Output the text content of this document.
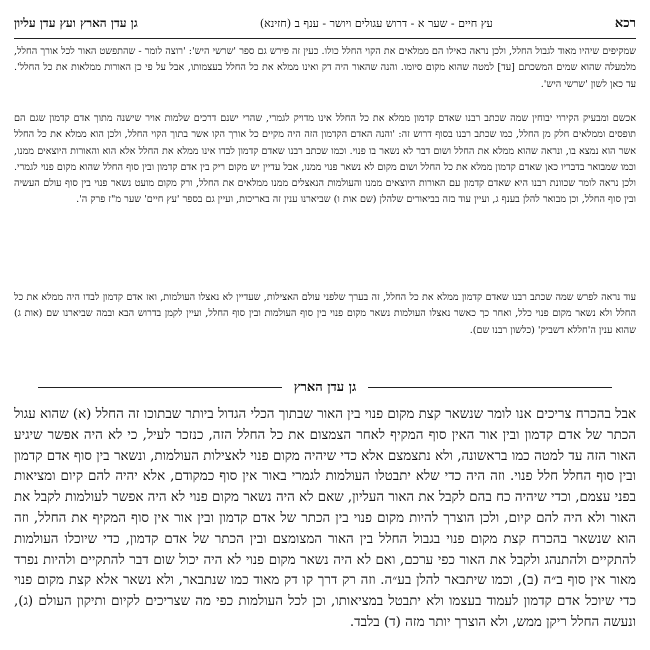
רכא
עץ חיים - שער א - דרוש עגולים ויושר - ענף ב (חזינא)
גן עדן הארץ ועץ עדן עליון

שמקיפים שיהיו מאוד לגבול החלל, ולכן נראה כאילו הם ממלאים את הקוי החלל כולו. כעין זה פירש גם ספר 'שרשי היש': 'רוצה לומר - שהתפשט האור לכל אורך החלל, מלמעלה שהוא שמים המשכתם [עד] למטה שהוא מקום סיומו. והנה שהאור היה דק ואינו ממלא את כל החלל בעצמותו, אבל על פי כן האורות ממלאות את כל החלל'. עד כאן לשון 'שרשי היש'.

אכשם ומבעיק הקירוי יבוחין שמה שכתב רבנו שאדם קדמון ממלא את כל החלל אינו מדויק לגמרי, שהרי ישנם דרכים שלמות אויר שישנה מתוך אדם קדמון שגם הם תופסים וממלאים חלק מן החלל, כמו שכתב רבנו בסוף דרוש זה: 'והנה האדם הקדמון הזה היה מקיים כל אורך הקו אשר בתוך הקוי החלל, ולכן הוא ממלא את כל החלל אשר הוא נמצא בו, ונראה שהוא ממלא את החלל ושום דבר לא נשאר בו פנוי. וכמו שכתב רבנו שאדם קדמון לבדו אינו ממלא את החלל אלא הוא והאורות היוצאים ממנו, וכמו שמבואר בדבריו כאן שאדם קדמון ממלא את כל החלל ושום מקום לא נשאר פנוי ממנו, אבל עדיין יש מקום ריק בין אדם קדמון ובין סוף החלל שהוא מקום פנוי לגמרי. ולכן נראה לומר שכוונת רבנו היא שאדם קדמון עם האורות היוצאים ממנו והעולמות הנאצלים ממנו ממלאים את החלל, ורק מקום מועט נשאר פנוי בין סוף עולם העשיה ובין סוף החלל, וכן מבואר להלן בענף ג, ועיין עוד בזה בביאורים שלהלן (שם אות ו) שביארנו ענין זה באריכות, ועיין גם בספר 'עץ חיים' שער מ"ז פרק ה'.

עוד נראה לפרש שמה שכתב רבנו שאדם קדמון ממלא את כל החלל, זה בערך שלפני עולם האצילות, שעדיין לא נאצלו העולמות, ואז אדם קדמון לבדו היה ממלא את כל החלל ולא נשאר מקום פנוי כלל, ואחר כך כאשר נאצלו העולמות נשאר מקום פנוי בין סוף העולמות ובין סוף החלל, ועיין לקמן בדרוש הבא ובמה שביארנו שם (אות ג) שהוא ענין ה'חללא דשביק' (כלשון רבנו שם).

גן עדן הארץ

אבל בהכרח צריכים אנו לומר שנשאר קצת מקום פנוי בין האור שבתוך הכלי הגדול ביותר שבתוכו זה החלל (א) שהוא עגול הכתר של אדם קדמון ובין אור האין סוף המקיף לאחר הצמצום את כל החלל הזה, כנזכר לעיל, כי לא היה אפשר שיגיע האור הזה עד למטה כמו בראשונה, ולא נתצמצם אלא כדי שיהיה מקום פנוי לאצילות העולמות, ונשאר בין סוף אדם קדמון ובין סוף החלל חלל פנוי. וזה היה כדי שלא יתבטלו העולמות לגמרי באור אין סוף כמקודם, אלא יהיה להם קיום ומציאות בפני עצמם, וכדי שיהיה כח בהם לקבל את האור העליון, שאם לא היה נשאר מקום פנוי לא היה אפשר לעולמות לקבל את האור ולא היה להם קיום, ולכן הוצרך להיות מקום פנוי בין הכתר של אדם קדמון ובין אור אין סוף המקיף את החלל, וזה הוא שנשאר בהכרח קצת מקום פנוי בגבול החלל בין האור המצומצם ובין הכתר של אדם קדמון, כדי שיוכלו העולמות להתקיים ולהתנהג ולקבל את האור כפי ערכם, ואם לא היה נשאר מקום פנוי לא היה יכול שום דבר להתקיים ולהיות נפרד מאור אין סוף ב״ה (ב), וכמו שיתבאר להלן בע״ה. וזה רק דרך קו דק מאוד כמו שנתבאר, ולא נשאר אלא קצת מקום פנוי כדי שיוכל אדם קדמון לעמוד בעצמו ולא יתבטל במציאותו, וכן לכל העולמות כפי מה שצריכים לקיום ותיקון העולם (ג), ונעשה החלל ריקן ממש, ולא הוצרך יותר מזה (ד) בלבד.
